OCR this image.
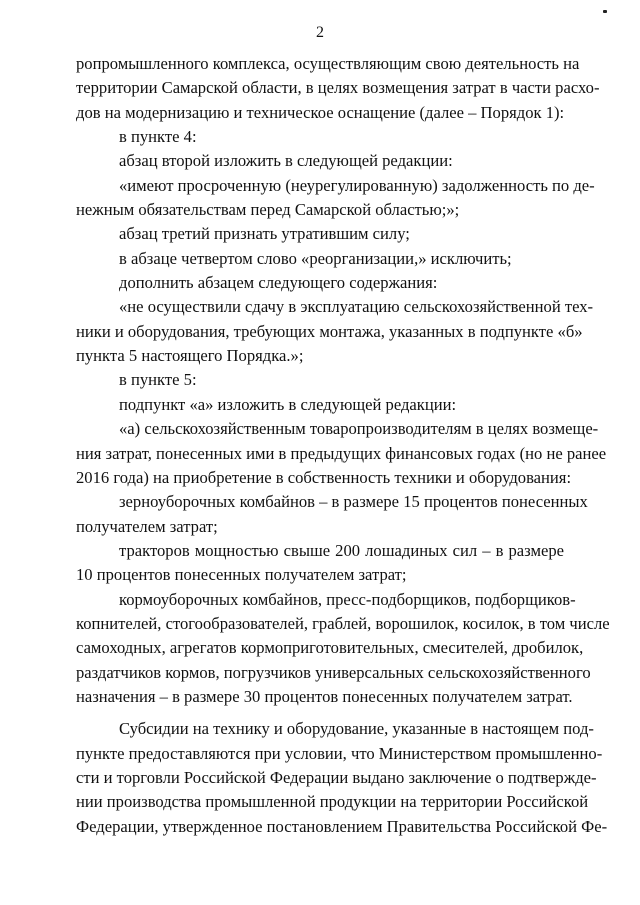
2
ропромышленного комплекса, осуществляющим свою деятельность на
территории Самарской области, в целях возмещения затрат в части расхо-
дов на модернизацию и техническое оснащение (далее – Порядок 1):
в пункте 4:
абзац второй изложить в следующей редакции:
«имеют просроченную (неурегулированную) задолженность по де-
нежным обязательствам перед Самарской областью;»;
абзац третий признать утратившим силу;
в абзаце четвертом слово «реорганизации,» исключить;
дополнить абзацем следующего содержания:
«не осуществили сдачу в эксплуатацию сельскохозяйственной тех-
ники и оборудования, требующих монтажа, указанных в подпункте «б»
пункта 5 настоящего Порядка.»;
в пункте 5:
подпункт «а» изложить в следующей редакции:
«а) сельскохозяйственным товаропроизводителям в целях возмеще-
ния затрат, понесенных ими в предыдущих финансовых годах (но не ранее
2016 года) на приобретение в собственность техники и оборудования:
зерноуборочных комбайнов – в размере 15 процентов понесенных
получателем затрат;
тракторов мощностью свыше 200 лошадиных сил – в размере
10 процентов понесенных получателем затрат;
кормоуборочных комбайнов, пресс-подборщиков, подборщиков-
копнителей, стогообразователей, граблей, ворошилок, косилок, в том числе
самоходных, агрегатов кормоприготовительных, смесителей, дробилок,
раздатчиков кормов, погрузчиков универсальных сельскохозяйственного
назначения – в размере 30 процентов понесенных получателем затрат.
Субсидии на технику и оборудование, указанные в настоящем под-
пункте предоставляются при условии, что Министерством промышленно-
сти и торговли Российской Федерации выдано заключение о подтвержде-
нии производства промышленной продукции на территории Российской
Федерации, утвержденное постановлением Правительства Российской Фе-
